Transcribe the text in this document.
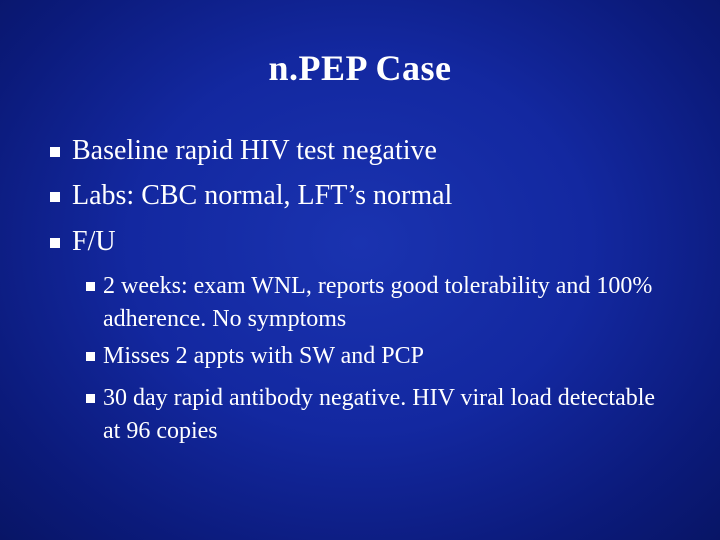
n.PEP Case
Baseline rapid HIV test negative
Labs: CBC normal, LFT’s normal
F/U
2 weeks: exam WNL, reports good tolerability and 100% adherence. No symptoms
Misses 2 appts with SW and PCP
30 day rapid antibody negative. HIV viral load detectable at 96 copies
